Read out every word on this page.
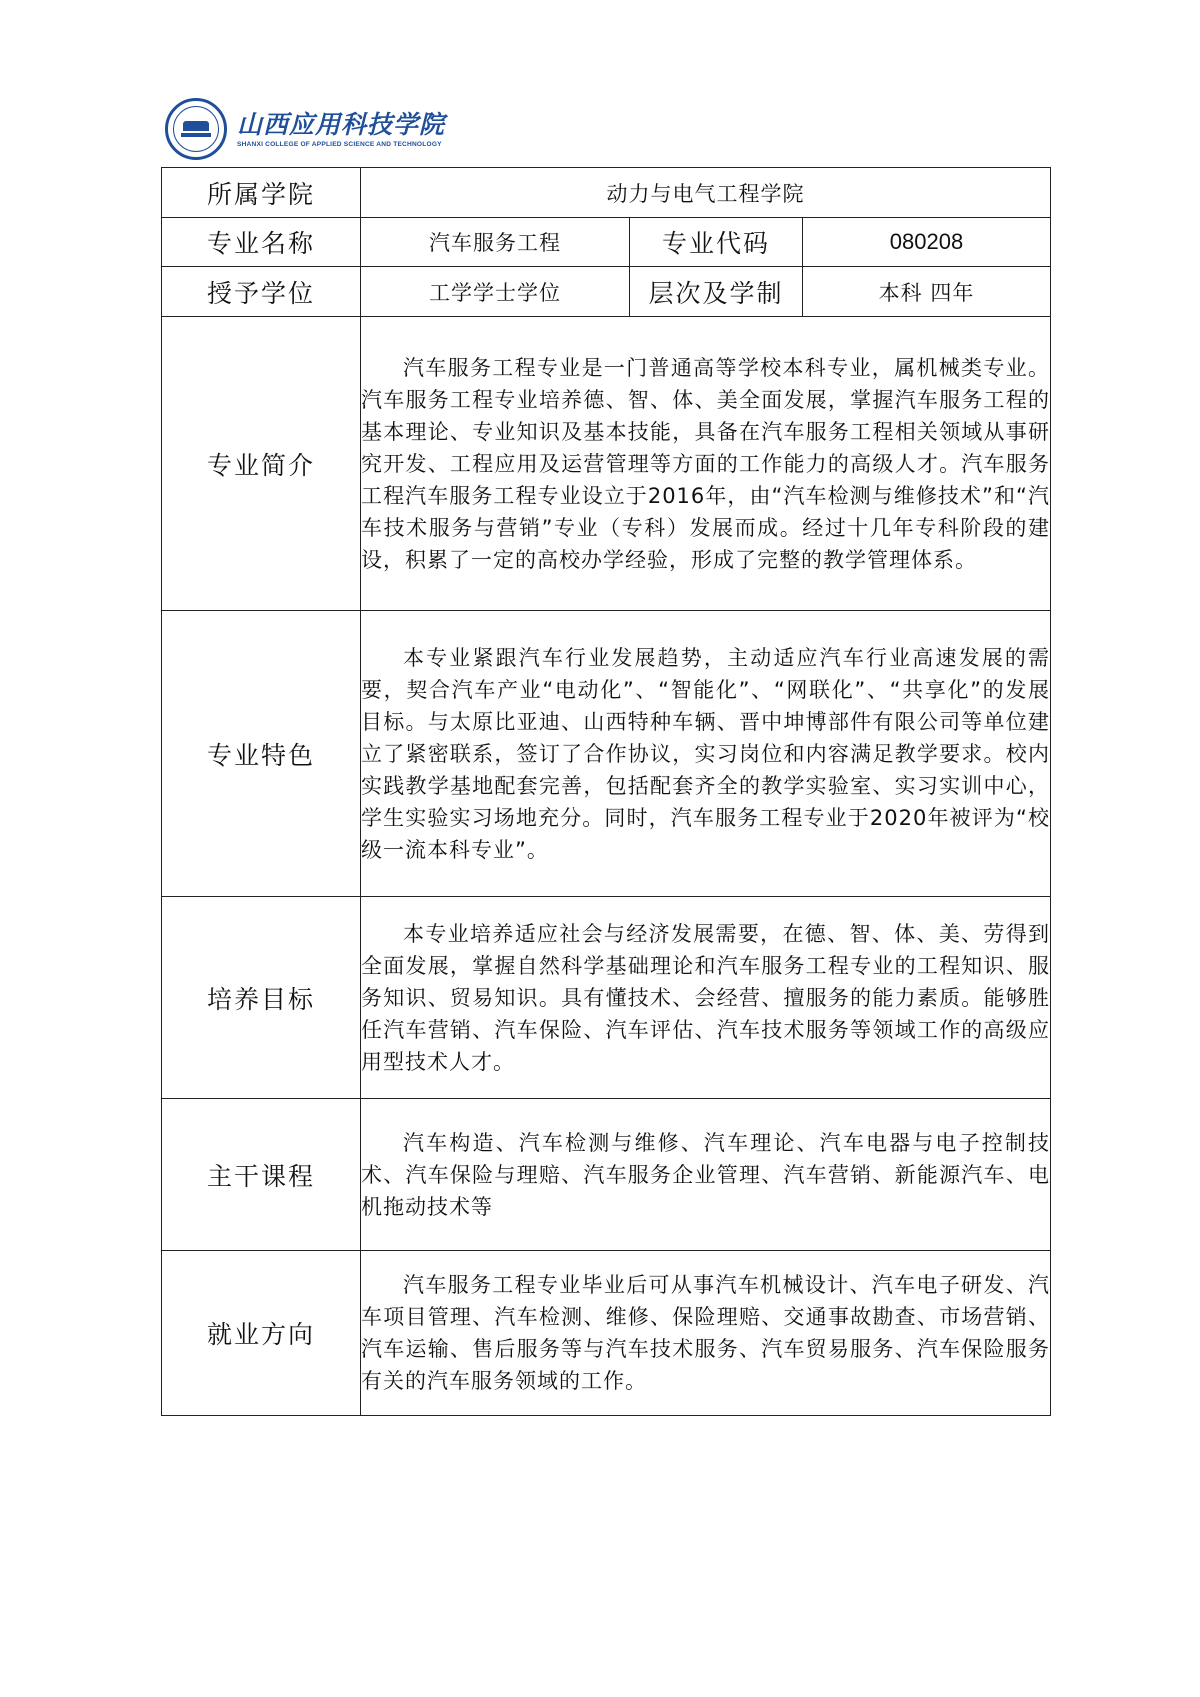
山西应用科技学院
SHANXI COLLEGE OF APPLIED SCIENCE AND TECHNOLOGY
所属学院	动力与电气工程学院		
专业名称	汽车服务工程	专业代码	080208
授予学位	工学学士学位	层次及学制	本科 四年
专业简介	汽车服务工程专业是一门普通高等学校本科专业，属机械类专业。汽车服务工程专业培养德、智、体、美全面发展，掌握汽车服务工程的基本理论、专业知识及基本技能，具备在汽车服务工程相关领域从事研究开发、工程应用及运营管理等方面的工作能力的高级人才。汽车服务工程汽车服务工程专业设立于2016年，由“汽车检测与维修技术”和“汽车技术服务与营销”专业（专科）发展而成。经过十几年专科阶段的建设，积累了一定的高校办学经验，形成了完整的教学管理体系。		

专业特色	本专业紧跟汽车行业发展趋势，主动适应汽车行业高速发展的需要，契合汽车产业“电动化”、“智能化”、“网联化”、“共享化”的发展目标。与太原比亚迪、山西特种车辆、晋中坤博部件有限公司等单位建立了紧密联系，签订了合作协议，实习岗位和内容满足教学要求。校内实践教学基地配套完善，包括配套齐全的教学实验室、实习实训中心，学生实验实习场地充分。同时，汽车服务工程专业于2020年被评为“校级一流本科专业”。		

培养目标	本专业培养适应社会与经济发展需要，在德、智、体、美、劳得到全面发展，掌握自然科学基础理论和汽车服务工程专业的工程知识、服务知识、贸易知识。具有懂技术、会经营、擅服务的能力素质。能够胜任汽车营销、汽车保险、汽车评估、汽车技术服务等领域工作的高级应用型技术人才。		

主干课程	汽车构造、汽车检测与维修、汽车理论、汽车电器与电子控制技术、汽车保险与理赔、汽车服务企业管理、汽车营销、新能源汽车、电机拖动技术等		

就业方向	汽车服务工程专业毕业后可从事汽车机械设计、汽车电子研发、汽车项目管理、汽车检测、维修、保险理赔、交通事故勘查、市场营销、汽车运输、售后服务等与汽车技术服务、汽车贸易服务、汽车保险服务有关的汽车服务领域的工作。		
